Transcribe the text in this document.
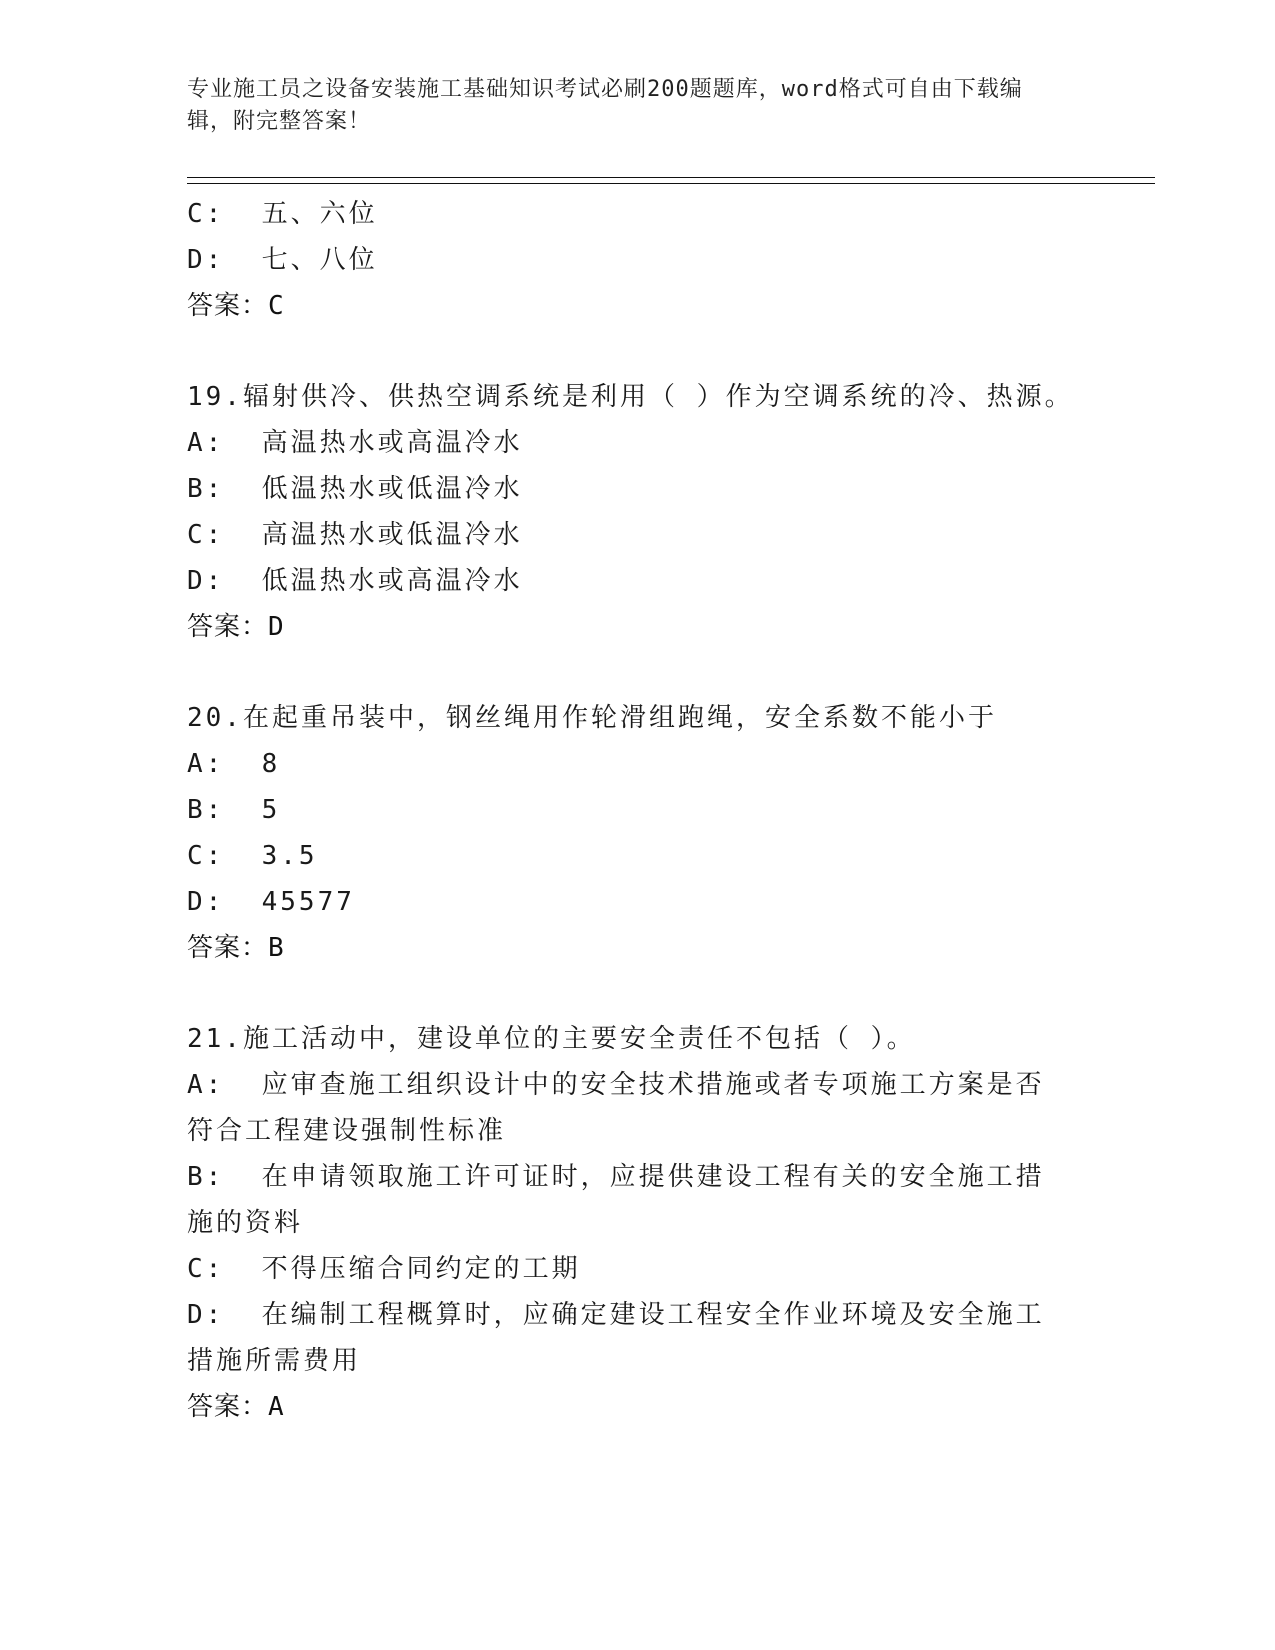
专业施工员之设备安装施工基础知识考试必刷200题题库，word格式可自由下载编辑，附完整答案！
C:  五、六位
D:  七、八位
答案：C
19.辐射供冷、供热空调系统是利用（ ）作为空调系统的冷、热源。
A:  高温热水或高温冷水
B:  低温热水或低温冷水
C:  高温热水或低温冷水
D:  低温热水或高温冷水
答案：D
20.在起重吊装中，钢丝绳用作轮滑组跑绳，安全系数不能小于
A:  8
B:  5
C:  3.5
D:  45577
答案：B
21.施工活动中，建设单位的主要安全责任不包括（ ）。
A:  应审查施工组织设计中的安全技术措施或者专项施工方案是否符合工程建设强制性标准
B:  在申请领取施工许可证时，应提供建设工程有关的安全施工措施的资料
C:  不得压缩合同约定的工期
D:  在编制工程概算时，应确定建设工程安全作业环境及安全施工措施所需费用
答案：A
